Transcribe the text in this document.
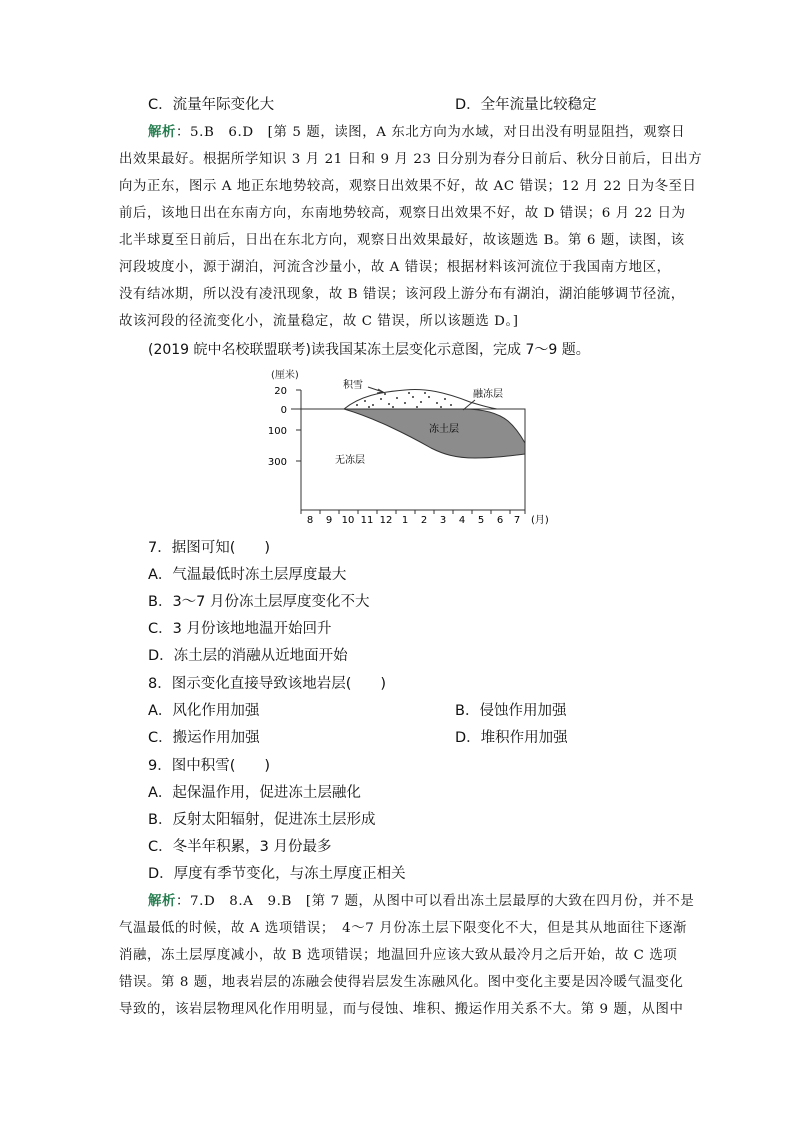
C．流量年际变化大	D．全年流量比较稳定
解析：5.B　6.D　[第 5 题，读图，A 东北方向为水域，对日出没有明显阻挡，观察日
出效果最好。根据所学知识 3 月 21 日和 9 月 23 日分别为春分日前后、秋分日前后，日出方
向为正东，图示 A 地正东地势较高，观察日出效果不好，故 AC 错误；12 月 22 日为冬至日
前后，该地日出在东南方向，东南地势较高，观察日出效果不好，故 D 错误；6 月 22 日为
北半球夏至日前后，日出在东北方向，观察日出效果最好，故该题选 B。第 6 题，读图，该
河段坡度小，源于湖泊，河流含沙量小，故 A 错误；根据材料该河流位于我国南方地区，
没有结冰期，所以没有凌汛现象，故 B 错误；该河段上游分布有湖泊，湖泊能够调节径流，
故该河段的径流变化小，流量稳定，故 C 错误，所以该题选 D。]
(2019 皖中名校联盟联考)读我国某冻土层变化示意图，完成 7～9 题。
(厘米)
20
0
100
300
积雪
融冻层
冻土层
无冻层
8 9 10 11 12 1 2 3 4 5 6 7 (月)
7．据图可知(　　)
A．气温最低时冻土层厚度最大
B．3～7 月份冻土层厚度变化不大
C．3 月份该地地温开始回升
D．冻土层的消融从近地面开始
8．图示变化直接导致该地岩层(　　)
A．风化作用加强	B．侵蚀作用加强
C．搬运作用加强	D．堆积作用加强
9．图中积雪(　　)
A．起保温作用，促进冻土层融化
B．反射太阳辐射，促进冻土层形成
C．冬半年积累，3 月份最多
D．厚度有季节变化，与冻土厚度正相关
解析：7.D　8.A　9.B　[第 7 题，从图中可以看出冻土层最厚的大致在四月份，并不是
气温最低的时候，故 A 选项错误；　4～7 月份冻土层下限变化不大，但是其从地面往下逐渐
消融，冻土层厚度减小，故 B 选项错误；地温回升应该大致从最冷月之后开始，故 C 选项
错误。第 8 题，地表岩层的冻融会使得岩层发生冻融风化。图中变化主要是因冷暖气温变化
导致的，该岩层物理风化作用明显，而与侵蚀、堆积、搬运作用关系不大。第 9 题，从图中
